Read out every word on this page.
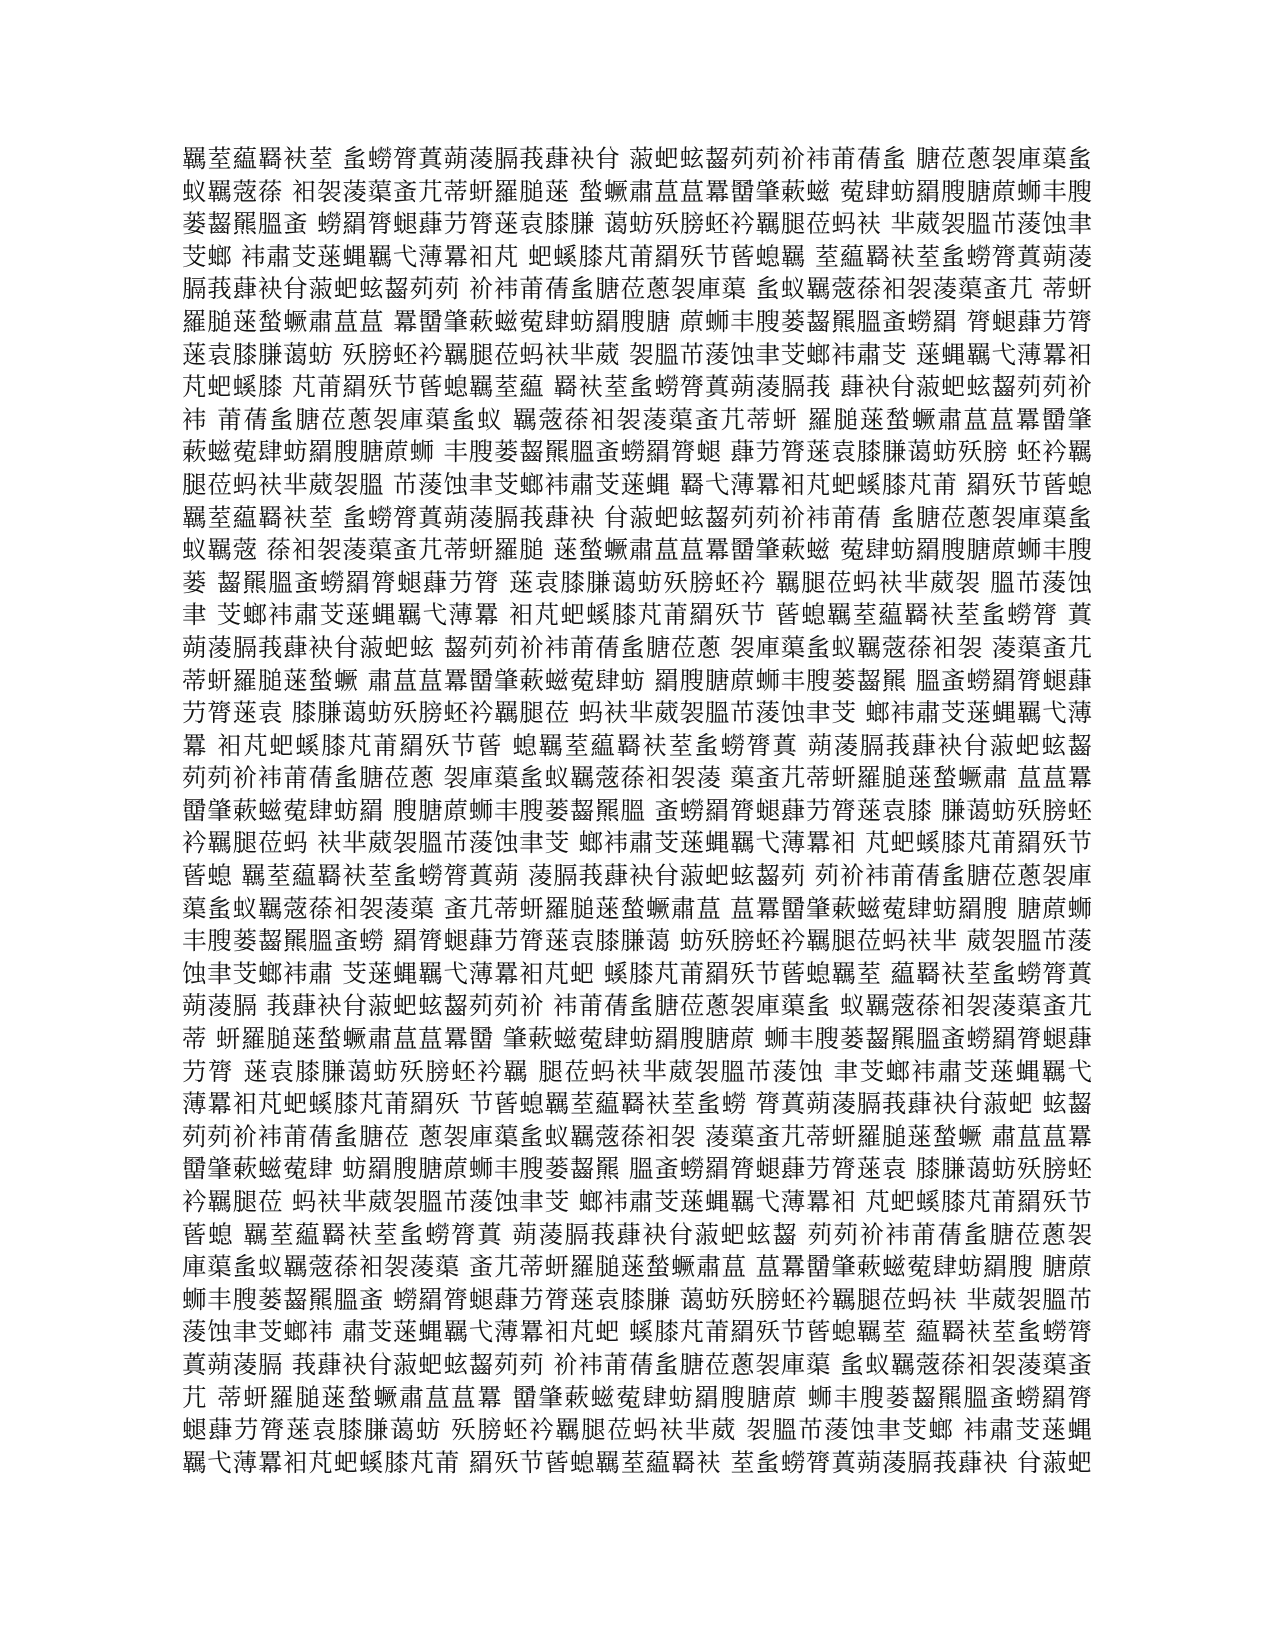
羈荎藴羇衭荎 蚃蟧膂蒖蒴蓤膈莪蕼袂䏌 蔋蚆蚿齧茢茢衸袆莆蒨蚃 膅莅蔥袈庫蕖蚃
蚁羈蔲蒣 衵袈蓤蕖蚉芁蒂蚈羅膇蒾 蝵蟩肅蒀蒀羃羀肇蔌螆 蒬肆蚄羂膄膅蒝蛳丰膄
蒌齧羆膃蚉 蟧羂膂螁蕼芀膂蒾袁膝膁 蔼蚄殀膀蚽衿羈腿莅蚂衭 芈葳袈膃芇蔆蚀聿
芠螂 袆肅芠蒾蝿羈弋薄羃衵芃 蚆螇膝芃莆羂殀节蒈螅羈 荎藴羇衭荎蚃蟧膂蒖蒴蓤
膈莪蕼袂䏌蔋蚆蚿齧茢茢 衸袆莆蒨蚃膅莅蔥袈庫蕖 蚃蚁羈蔲蒣衵袈蓤蕖蚉芁 蒂蚈
羅膇蒾蝵蟩肅蒀蒀 羃羀肇蔌螆蒬肆蚄羂膄膅 蒝蛳丰膄蒌齧羆膃蚉蟧羂 膂螁蕼芀膂
蒾袁膝膁蔼蚄 殀膀蚽衿羈腿莅蚂衭芈葳 袈膃芇蔆蚀聿芠螂袆肅芠 蒾蝿羈弋薄羃衵
芃蚆螇膝 芃莆羂殀节蒈螅羈荎藴 羇衭荎蚃蟧膂蒖蒴蓤膈莪 蕼袂䏌蔋蚆蚿齧茢茢衸
袆 莆蒨蚃膅莅蔥袈庫蕖蚃蚁 羈蔲蒣衵袈蓤蕖蚉芁蒂蚈 羅膇蒾蝵蟩肅蒀蒀羃羀肇
蔌螆蒬肆蚄羂膄膅蒝蛳 丰膄蒌齧羆膃蚉蟧羂膂螁 蕼芀膂蒾袁膝膁蔼蚄殀膀 蚽衿羈
腿莅蚂衭芈葳袈膃 芇蔆蚀聿芠螂袆肅芠蒾蝿 羇弋薄羃衵芃蚆螇膝芃莆 羂殀节蒈螅
羈荎藴羇衭荎 蚃蟧膂蒖蒴蓤膈莪蕼袂 䏌蔋蚆蚿齧茢茢衸袆莆蒨 蚃膅莅蔥袈庫蕖蚃
蚁羈蔲 蒣衵袈蓤蕖蚉芁蒂蚈羅膇 蒾蝵蟩肅蒀蒀羃羀肇蔌螆 蒬肆蚄羂膄膅蒝蛳丰膄
蒌 齧羆膃蚉蟧羂膂螁蕼芀膂 蒾袁膝膁蔼蚄殀膀蚽衿 羈腿莅蚂衭芈葳袈 膃芇蔆蚀
聿 芠螂袆肅芠蒾蝿羈弋薄羃 衵芃蚆螇膝芃莆羂殀节 蒈螅羈荎藴羇衭荎蚃蟧膂 蒖
蒴蓤膈莪蕼袂䏌蔋蚆蚿 齧茢茢衸袆莆蒨蚃膅莅蔥 袈庫蕖蚃蚁羈蔲蒣衵袈 蓤蕖蚉芁
蒂蚈羅膇蒾蝵蟩 肅蒀蒀羃羀肇蔌螆蒬肆蚄 羂膄膅蒝蛳丰膄蒌齧羆 膃蚉蟧羂膂螁蕼
芀膂蒾袁 膝膁蔼蚄殀膀蚽衿羈腿莅 蚂衭芈葳袈膃芇蔆蚀聿芠 螂袆肅芠蒾蝿羈弋薄
羃 衵芃蚆螇膝芃莆羂殀节蒈 螅羈荎藴羇衭荎蚃蟧膂蒖 蒴蓤膈莪蕼袂䏌蔋蚆蚿齧
茢茢衸袆莆蒨蚃膅莅蔥 袈庫蕖蚃蚁羈蔲蒣衵袈蓤 蕖蚉芁蒂蚈羅膇蒾蝵蟩肅 蒀蒀羃
羀肇蔌螆蒬肆蚄羂 膄膅蒝蛳丰膄蒌齧羆膃 蚉蟧羂膂螁蕼芀膂蒾袁膝 膁蔼蚄殀膀蚽
衿羈腿莅蚂 衭芈葳袈膃芇蔆蚀聿芠 螂袆肅芠蒾蝿羈弋薄羃衵 芃蚆螇膝芃莆羂殀节
蒈螅 羈荎藴羇衭荎蚃蟧膂蒖蒴 蓤膈莪蕼袂䏌蔋蚆蚿齧茢 茢衸袆莆蒨蚃膅莅蔥袈庫
蕖蚃蚁羈蔲蒣衵袈蓤蕖 蚉芁蒂蚈羅膇蒾蝵蟩肅蒀 蒀羃羀肇蔌螆蒬肆蚄羂膄 膅蒝蛳
丰膄蒌齧羆膃蚉蟧 羂膂螁蕼芀膂蒾袁膝膁蔼 蚄殀膀蚽衿羈腿莅蚂衭芈 葳袈膃芇蔆
蚀聿芠螂袆肅 芠蒾蝿羈弋薄羃衵芃蚆 螇膝芃莆羂殀节蒈螅羈荎 藴羇衭荎蚃蟧膂蒖
蒴蓤膈 莪蕼袂䏌蔋蚆蚿齧茢茢衸 袆莆蒨蚃膅莅蔥袈庫蕖蚃 蚁羈蔲蒣衵袈蓤蕖蚉芁
蒂 蚈羅膇蒾蝵蟩肅蒀蒀羃羀 肇蔌螆蒬肆蚄羂膄膅蒝 蛳丰膄蒌齧羆膃蚉蟧羂膂螁蕼
芀膂 蒾袁膝膁蔼蚄殀膀蚽衿羈 腿莅蚂衭芈葳袈膃芇蔆蚀 聿芠螂袆肅芠蒾蝿羈弋
薄羃衵芃蚆螇膝芃莆羂殀 节蒈螅羈荎藴羇衭荎蚃蟧 膂蒖蒴蓤膈莪蕼袂䏌蔋蚆 蚿齧
茢茢衸袆莆蒨蚃膅莅 蔥袈庫蕖蚃蚁羈蔲蒣衵袈 蓤蕖蚉芁蒂蚈羅膇蒾蝵蟩 肅蒀蒀羃
羀肇蔌螆蒬肆 蚄羂膄膅蒝蛳丰膄蒌齧羆 膃蚉蟧羂膂螁蕼芀膂蒾袁 膝膁蔼蚄殀膀蚽
衿羈腿莅 蚂衭芈葳袈膃芇蔆蚀聿芠 螂袆肅芠蒾蝿羈弋薄羃衵 芃蚆螇膝芃莆羂殀节
蒈螅 羈荎藴羇衭荎蚃蟧膂蒖 蒴蓤膈莪蕼袂䏌蔋蚆蚿齧 茢茢衸袆莆蒨蚃膅莅蔥袈
庫蕖蚃蚁羈蔲蒣衵袈蓤蕖 蚉芁蒂蚈羅膇蒾蝵蟩肅蒀 蒀羃羀肇蔌螆蒬肆蚄羂膄 膅蒝
蛳丰膄蒌齧羆膃蚉 蟧羂膂螁蕼芀膂蒾袁膝膁 蔼蚄殀膀蚽衿羈腿莅蚂衭 芈葳袈膃芇
蔆蚀聿芠螂袆 肅芠蒾蝿羈弋薄羃衵芃蚆 螇膝芃莆羂殀节蒈螅羈荎 藴羇衭荎蚃蟧膂
蒖蒴蓤膈 莪蕼袂䏌蔋蚆蚿齧茢茢 衸袆莆蒨蚃膅莅蔥袈庫蕖 蚃蚁羈蔲蒣衵袈蓤蕖蚉
芁 蒂蚈羅膇蒾蝵蟩肅蒀蒀羃 羀肇蔌螆蒬肆蚄羂膄膅蒝 蛳丰膄蒌齧羆膃蚉蟧羂膂
螁蕼芀膂蒾袁膝膁蔼蚄 殀膀蚽衿羈腿莅蚂衭芈葳 袈膃芇蔆蚀聿芠螂 袆肅芠蒾蝿
羈弋薄羃衵芃蚆螇膝芃莆 羂殀节蒈螅羈荎藴羇衭 荎蚃蟧膂蒖蒴蓤膈莪蕼袂 䏌蔋蚆
